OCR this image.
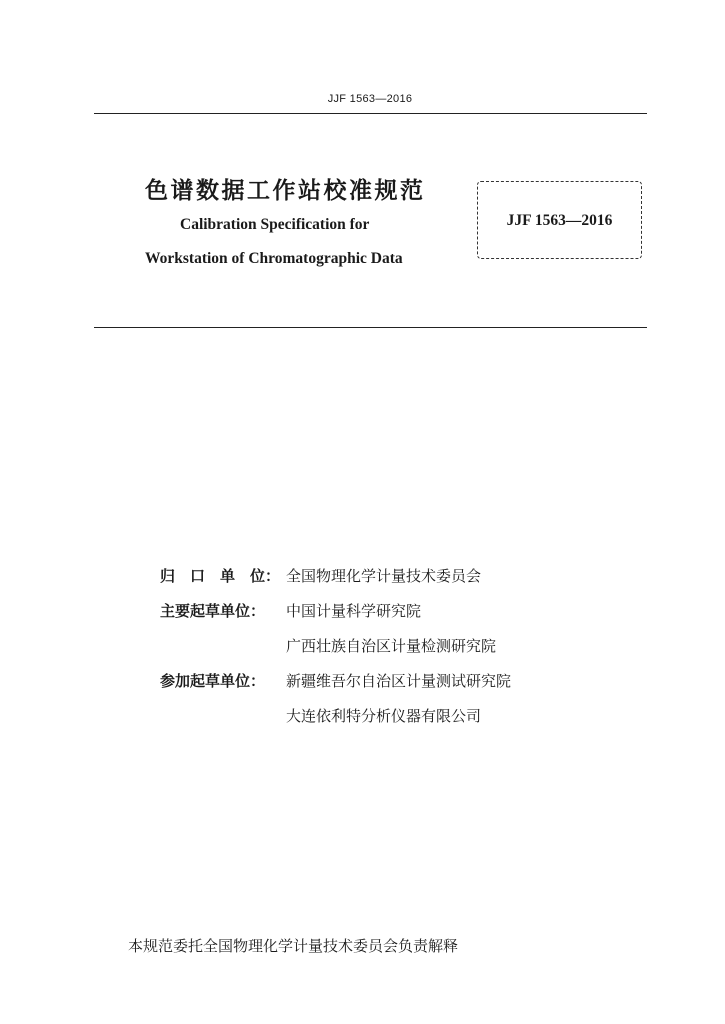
JJF 1563—2016
色谱数据工作站校准规范
Calibration Specification for
Workstation of Chromatographic Data
JJF 1563—2016
归 口 单 位： 全国物理化学计量技术委员会
主要起草单位：	中国计量科学研究院
广西壮族自治区计量检测研究院
参加起草单位：	新疆维吾尔自治区计量测试研究院
大连依利特分析仪器有限公司
本规范委托全国物理化学计量技术委员会负责解释
